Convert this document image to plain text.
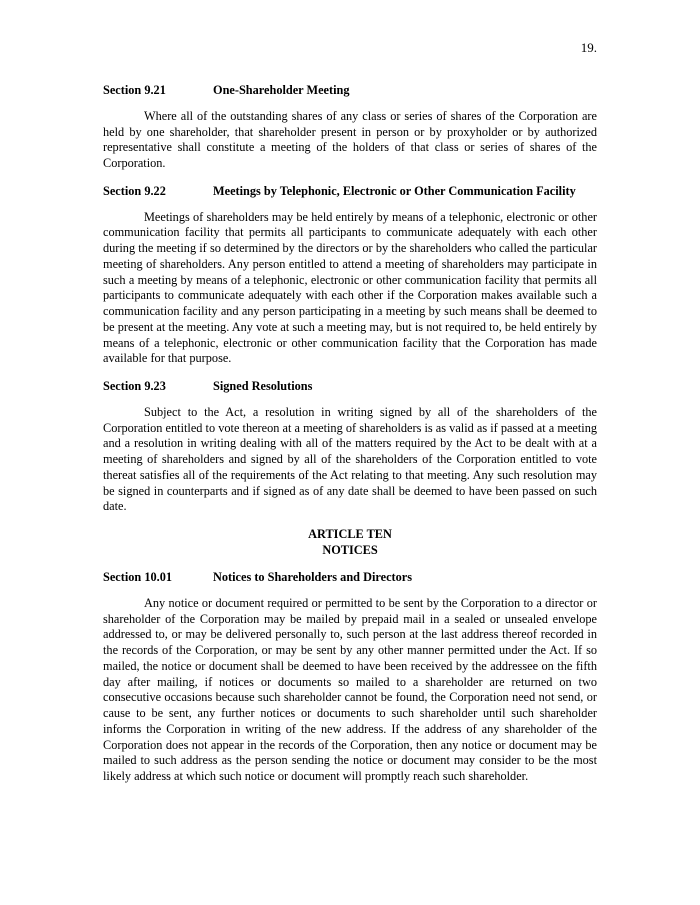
19.
Section 9.21	One-Shareholder Meeting

Where all of the outstanding shares of any class or series of shares of the Corporation are held by one shareholder, that shareholder present in person or by proxyholder or by authorized representative shall constitute a meeting of the holders of that class or series of shares of the Corporation.

Section 9.22	Meetings by Telephonic, Electronic or Other Communication Facility

Meetings of shareholders may be held entirely by means of a telephonic, electronic or other communication facility that permits all participants to communicate adequately with each other during the meeting if so determined by the directors or by the shareholders who called the particular meeting of shareholders. Any person entitled to attend a meeting of shareholders may participate in such a meeting by means of a telephonic, electronic or other communication facility that permits all participants to communicate adequately with each other if the Corporation makes available such a communication facility and any person participating in a meeting by such means shall be deemed to be present at the meeting. Any vote at such a meeting may, but is not required to, be held entirely by means of a telephonic, electronic or other communication facility that the Corporation has made available for that purpose.

Section 9.23	Signed Resolutions

Subject to the Act, a resolution in writing signed by all of the shareholders of the Corporation entitled to vote thereon at a meeting of shareholders is as valid as if passed at a meeting and a resolution in writing dealing with all of the matters required by the Act to be dealt with at a meeting of shareholders and signed by all of the shareholders of the Corporation entitled to vote thereat satisfies all of the requirements of the Act relating to that meeting. Any such resolution may be signed in counterparts and if signed as of any date shall be deemed to have been passed on such date.

ARTICLE TEN
NOTICES
Section 10.01	Notices to Shareholders and Directors

Any notice or document required or permitted to be sent by the Corporation to a director or shareholder of the Corporation may be mailed by prepaid mail in a sealed or unsealed envelope addressed to, or may be delivered personally to, such person at the last address thereof recorded in the records of the Corporation, or may be sent by any other manner permitted under the Act. If so mailed, the notice or document shall be deemed to have been received by the addressee on the fifth day after mailing, if notices or documents so mailed to a shareholder are returned on two consecutive occasions because such shareholder cannot be found, the Corporation need not send, or cause to be sent, any further notices or documents to such shareholder until such shareholder informs the Corporation in writing of the new address. If the address of any shareholder of the Corporation does not appear in the records of the Corporation, then any notice or document may be mailed to such address as the person sending the notice or document may consider to be the most likely address at which such notice or document will promptly reach such shareholder.
